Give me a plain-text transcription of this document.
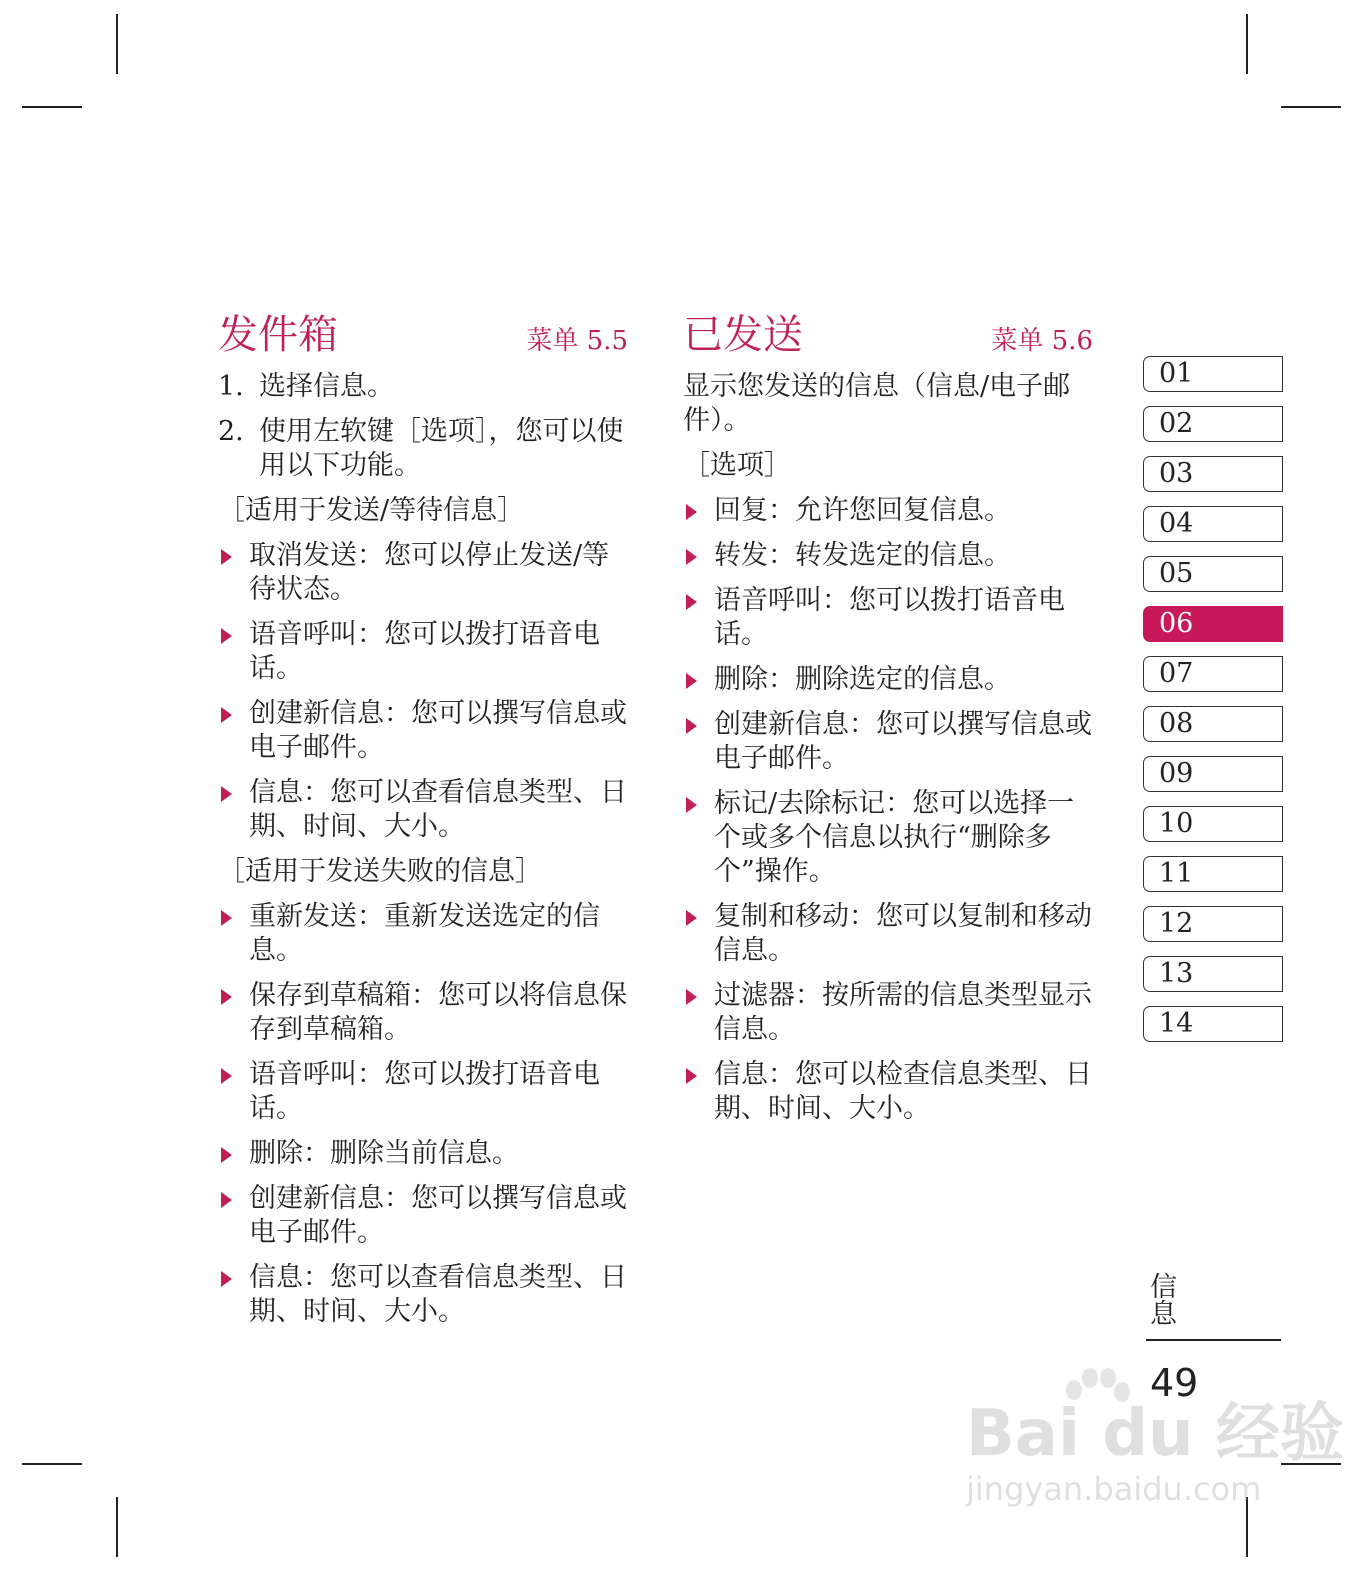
发件箱	菜单 5.5
1. 选择信息。
2. 使用左软键［选项］，您可以使用以下功能。
［适用于发送/等待信息］
取消发送：您可以停止发送/等待状态。
语音呼叫：您可以拨打语音电话。
创建新信息：您可以撰写信息或电子邮件。
信息：您可以查看信息类型、日期、时间、大小。
［适用于发送失败的信息］
重新发送：重新发送选定的信息。
保存到草稿箱：您可以将信息保存到草稿箱。
语音呼叫：您可以拨打语音电话。
删除：删除当前信息。
创建新信息：您可以撰写信息或电子邮件。
信息：您可以查看信息类型、日期、时间、大小。
已发送	菜单 5.6
显示您发送的信息（信息/电子邮件）。
［选项］
回复：允许您回复信息。
转发：转发选定的信息。
语音呼叫：您可以拨打语音电话。
删除：删除选定的信息。
创建新信息：您可以撰写信息或电子邮件。
标记/去除标记：您可以选择一个或多个信息以执行“删除多个”操作。
复制和移动：您可以复制和移动信息。
过滤器：按所需的信息类型显示信息。
信息：您可以检查信息类型、日期、时间、大小。
01
02
03
04
05
06
07
08
09
10
11
12
13
14
信息
49
Bai du 经验
jingyan.baidu.com
